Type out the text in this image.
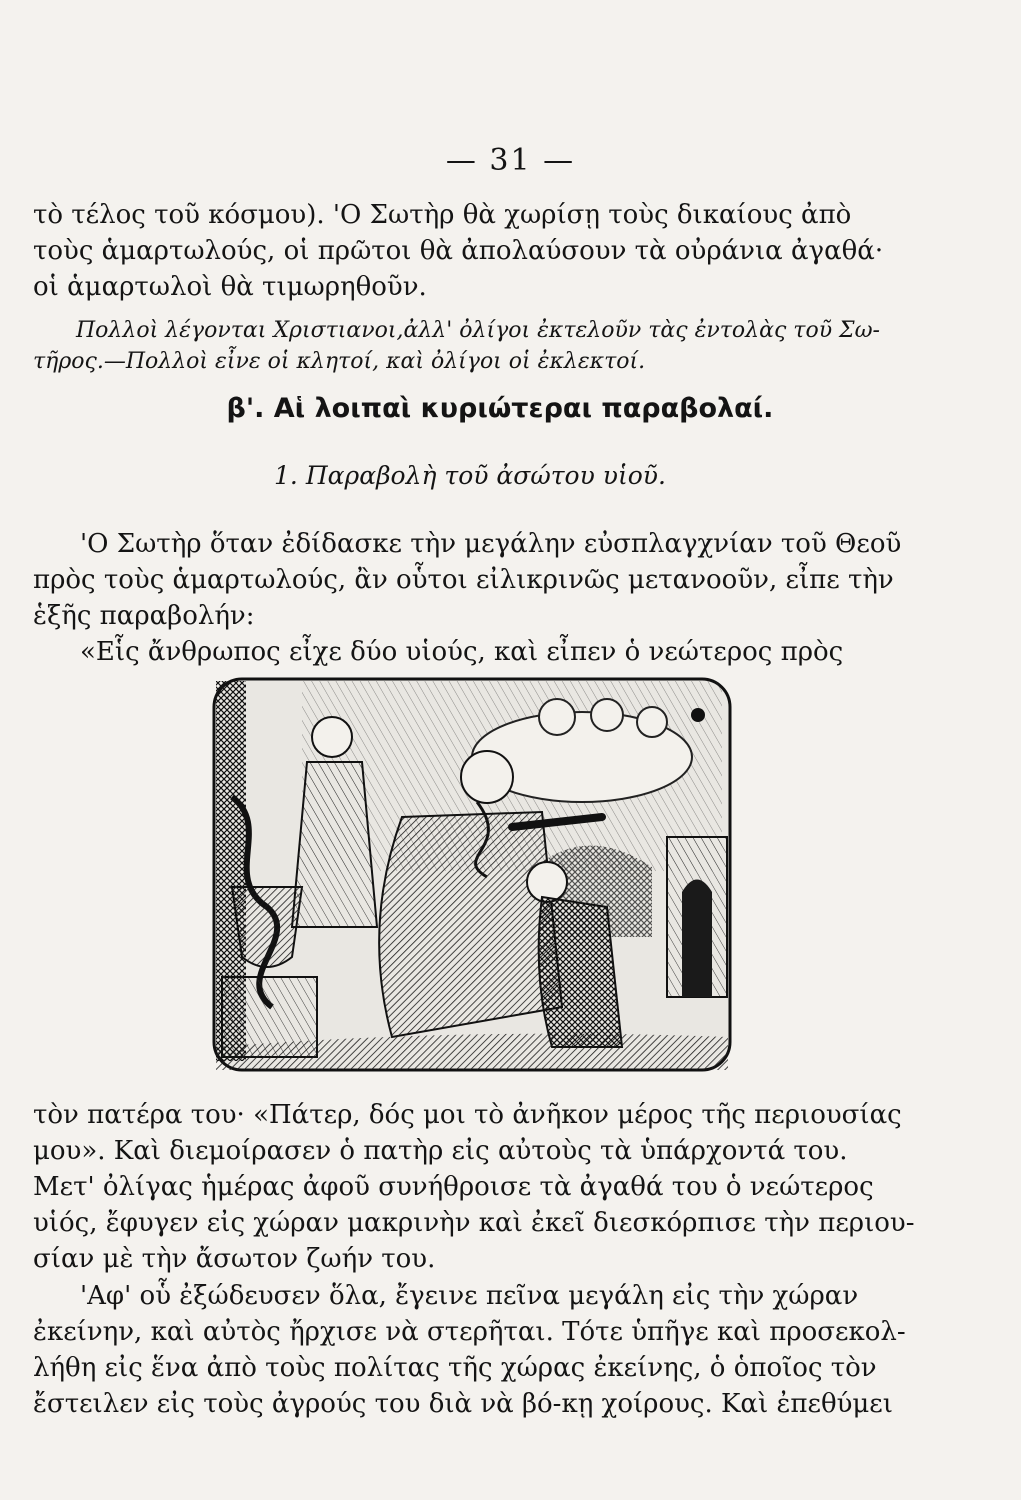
— 31 —
τὸ τέλος τοῦ κόσμου). 'Ο Σωτὴρ θὰ χωρίσῃ τοὺς δικαίους ἀπὸ
τοὺς ἁμαρτωλούς, οἱ πρῶτοι θὰ ἀπολαύσουν τὰ οὐράνια ἀγαθά·
οἱ ἁμαρτωλοὶ θὰ τιμωρηθοῦν.
Πολλοὶ λέγονται Χριστιανοι,ἀλλ' ὀλίγοι ἐκτελοῦν τὰς ἐντολὰς τοῦ Σω-
τῆρος.—Πολλοὶ εἶνε οἱ κλητοί, καὶ ὀλίγοι οἱ ἐκλεκτοί.
β'. Αἱ λοιπαὶ κυριώτεραι παραβολαί.
1. Παραβολὴ τοῦ ἀσώτου υἱοῦ.
'Ο Σωτὴρ ὅταν ἐδίδασκε τὴν μεγάλην εὐσπλαγχνίαν τοῦ Θεοῦ
πρὸς τοὺς ἁμαρτωλούς, ἂν οὗτοι εἰλικρινῶς μετανοοῦν, εἶπε τὴν
ἑξῆς παραβολήν:
«Εἷς ἄνθρωπος εἶχε δύο υἱούς, καὶ εἶπεν ὁ νεώτερος πρὸς
τὸν πατέρα του· «Πάτερ, δός μοι τὸ ἀνῆκον μέρος τῆς περιουσίας
μου». Καὶ διεμοίρασεν ὁ πατὴρ εἰς αὐτοὺς τὰ ὑπάρχοντά του.
Μετ' ὀλίγας ἡμέρας ἀφοῦ συνήθροισε τὰ ἀγαθά του ὁ νεώτερος
υἱός, ἔφυγεν εἰς χώραν μακρινὴν καὶ ἐκεῖ διεσκόρπισε τὴν περιου-
σίαν μὲ τὴν ἄσωτον ζωήν του.
'Αφ' οὗ ἐξώδευσεν ὅλα, ἔγεινε πεῖνα μεγάλη εἰς τὴν χώραν
ἐκείνην, καὶ αὐτὸς ἤρχισε νὰ στερῆται. Τότε ὑπῆγε καὶ προσεκολ-
λήθη εἰς ἕνα ἀπὸ τοὺς πολίτας τῆς χώρας ἐκείνης, ὁ ὁποῖος τὸν
ἔστειλεν εἰς τοὺς ἀγρούς του διὰ νὰ βό-κῃ χοίρους. Καὶ ἐπεθύμει
